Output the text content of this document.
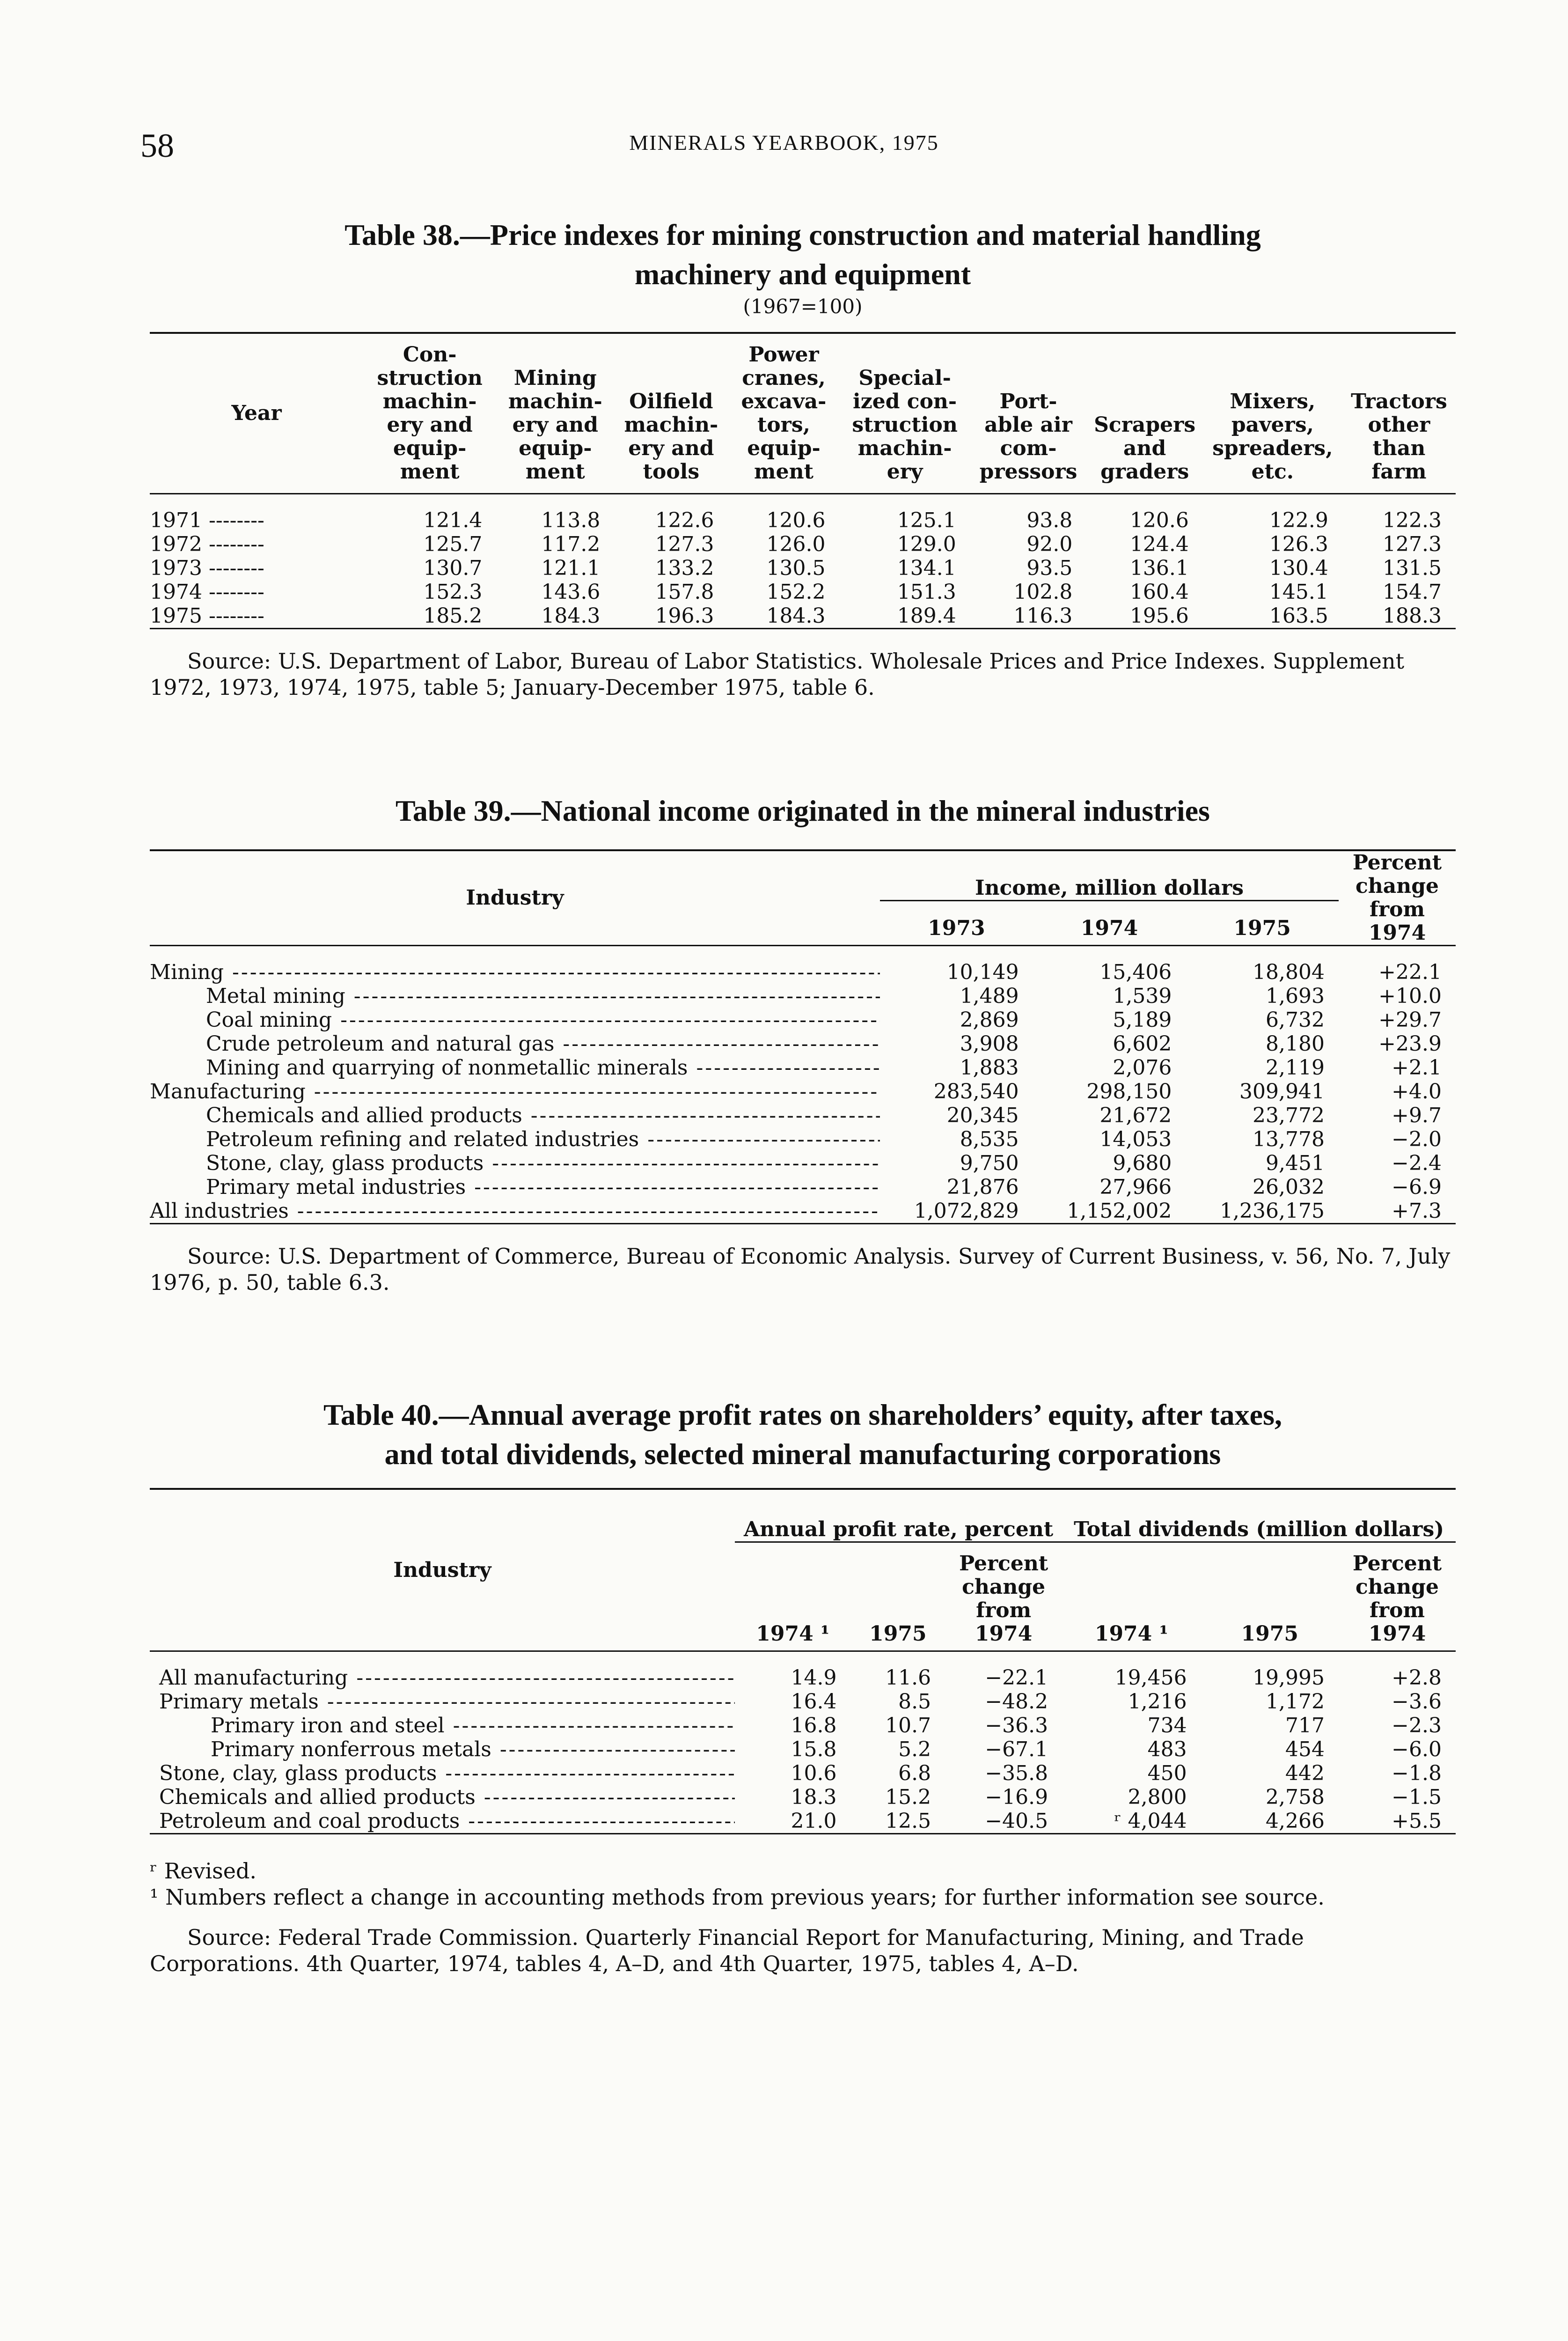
58	MINERALS YEARBOOK, 1975
Table 38.—Price indexes for mining construction and material handling
machinery and equipment
(1967=100)
Year	Con- struction machin- ery and equip- ment	Mining machin- ery and equip- ment	Oilfield machin- ery and tools	Power cranes, excava- tors, equip- ment	Special- ized con- struction machin- ery	Port- able air com- pressors	Scrapers and graders	Mixers, pavers, spreaders, etc.	Tractors other than farm
1971 --------	121.4	113.8	122.6	120.6	125.1	93.8	120.6	122.9	122.3
1972 --------	125.7	117.2	127.3	126.0	129.0	92.0	124.4	126.3	127.3
1973 --------	130.7	121.1	133.2	130.5	134.1	93.5	136.1	130.4	131.5
1974 --------	152.3	143.6	157.8	152.2	151.3	102.8	160.4	145.1	154.7
1975 --------	185.2	184.3	196.3	184.3	189.4	116.3	195.6	163.5	188.3
Source: U.S. Department of Labor, Bureau of Labor Statistics. Wholesale Prices and Price Indexes. Supplement 1972, 1973, 1974, 1975, table 5; January-December 1975, table 6.
Table 39.—National income originated in the mineral industries
Industry	Income, million dollars			Percent change from 1974
	1973	1974	1975	
Mining -----	10,149	15,406	18,804	+22.1
Metal mining -----	1,489	1,539	1,693	+10.0
Coal mining -----	2,869	5,189	6,732	+29.7
Crude petroleum and natural gas -----	3,908	6,602	8,180	+23.9
Mining and quarrying of nonmetallic minerals -----	1,883	2,076	2,119	+2.1
Manufacturing -----	283,540	298,150	309,941	+4.0
Chemicals and allied products -----	20,345	21,672	23,772	+9.7
Petroleum refining and related industries -----	8,535	14,053	13,778	−2.0
Stone, clay, glass products -----	9,750	9,680	9,451	−2.4
Primary metal industries -----	21,876	27,966	26,032	−6.9
All industries -----	1,072,829	1,152,002	1,236,175	+7.3
Source: U.S. Department of Commerce, Bureau of Economic Analysis. Survey of Current Business, v. 56, No. 7, July 1976, p. 50, table 6.3.
Table 40.—Annual average profit rates on shareholders’ equity, after taxes,
and total dividends, selected mineral manufacturing corporations
Industry	Annual profit rate, percent			Total dividends (million dollars)		
	1974 ¹	1975	Percent change from 1974	1974 ¹	1975	Percent change from 1974
All manufacturing -----	14.9	11.6	−22.1	19,456	19,995	+2.8
Primary metals -----	16.4	8.5	−48.2	1,216	1,172	−3.6
Primary iron and steel -----	16.8	10.7	−36.3	734	717	−2.3
Primary nonferrous metals -----	15.8	5.2	−67.1	483	454	−6.0
Stone, clay, glass products -----	10.6	6.8	−35.8	450	442	−1.8
Chemicals and allied products -----	18.3	15.2	−16.9	2,800	2,758	−1.5
Petroleum and coal products -----	21.0	12.5	−40.5	ʳ 4,044	4,266	+5.5
ʳ Revised.
¹ Numbers reflect a change in accounting methods from previous years; for further information see source.
Source: Federal Trade Commission. Quarterly Financial Report for Manufacturing, Mining, and Trade Corporations. 4th Quarter, 1974, tables 4, A–D, and 4th Quarter, 1975, tables 4, A–D.
